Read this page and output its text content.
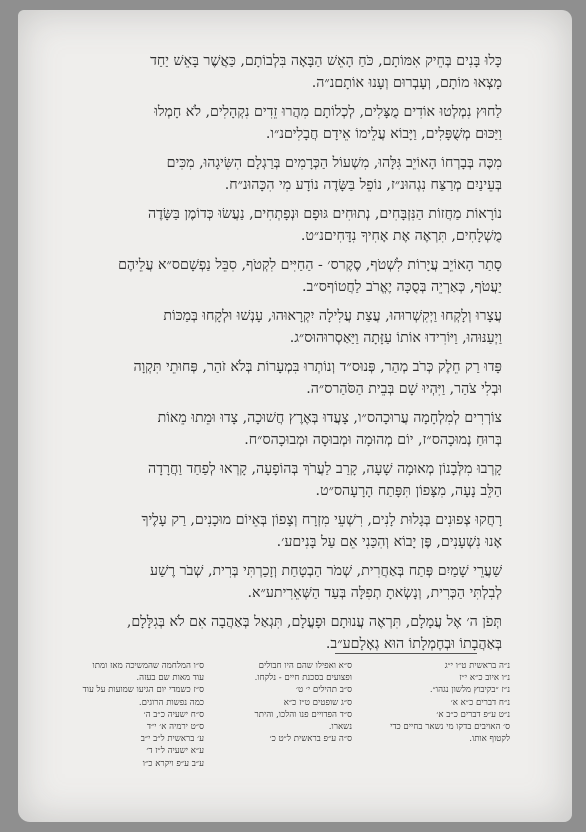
כָּלוּ בָּנִים בְּחֵיק אִמּוֹתָם, כֹּחַ הָאֵשׁ הַבָּאָה בִּלְבוֹתָם, כַּאֲשֶׁר בָּאֵשׁ יַחַד
מָצְאוּ מוֹתָם, וְעָבְרוּם וְעָנוּ אוֹתָםנ״ה.

לַחוּץ נִמְלְטוּ אוֹדִים מֻצָּלִים, לְכְלוֹתָם מִהֲרוּ זֵדִים נִקְהָלִים, לֹא חָמְלוּ
וַיַּכּוּם מְשֻׁפָּלִים, וַיָּבוֹא עֲלֵימוֹ אֵידָם חֲבָלִיםנ״ו.

מִכֶּה בְּבָרְחוֹ הָאוֹיֵב גִּלָּהוּ, מִשְׁעוֹל הַכְּרָמִים בְּרַגְלָם הִשִּׂיגָהוּ, מִכִּים
בְּעֵינַיִם מְרַצַּח נִגְהוּנ״ז, נוֹפֵל בַּשָּׂדֶה נוֹדָע מִי הִכָּהוּנ״ח.

נוֹרָאוֹת מַחֲזוֹת הַנִּזְבָּחִים, נְתוּחִים גּוּפָם וּנְפָתְחִים, נַעֲשׂוּ כְּדוֹמֶן בַּשָּׂדֶה
מֻשְׁלָחִים, תִּרְאֶה אֶת אָחִיךָ נִדָּחִיםנ״ט.

סָתַר הָאוֹיֵב עֲיָרוֹת לִשְׁטֹף, סֶקֶרס׳ - הַחַיִּים לִקְטֹף, סִבֵּל נַפְשָׁםס״א עֲלֵיהֶם
יַעֲטֹף, כְּאַרְיֵה בְּסֻכָּה יֶאֱרֹב לַחֲטוֹףס״ב.

עֲצָרוּ וְלָקְחוּ וַיְקִשְׁרוּהוּ, עֲצַת עֲלִילָה יִקְרָאוּהוּ, עָנְשׁוּ וּלְקָחוּ בְּמַכּוֹת
וַיְעַנּוּהוּ, וַיּוֹרִידוּ אוֹתוֹ עַזָּתָה וַיַּאַסְרוּהוּס״ג.

פָּדוּ רַק חֵלֶק כְּרֹב מְהַר, פְּנוּס״ד וְנוֹתְרוּ בִּמְעָרוֹת בְּלֹא זֹהַר, פְּחוּתֵי תִּקְוָה
וּבְלִי צֹהַר, וַיִּהְיוּ שָׁם בְּבֵית הַסֹּהַרס״ה.

צוֹרְרִים לְמִלְחָמָה עֲרוּכָהס״ו, צָעֲדוּ בְּאֶרֶץ חֲשׁוּכָה, צָדוּ וּמֵתוּ מֵאוֹת
בְּרוּחַ נְמוּכָהס״ז, יוֹם מְהוּמָה וּמְבוּסָה וּמְבוּכָהס״ח.

קָרְבוּ מִלְּבָנוֹן מְאוּמָה שָׁעָה, קָרַב לַעֲרֹךְ בְּהוֹפָעָה, קָרְאוּ לְפַחַד וַחֲרָדָה
הַלֵּב נָעָה, מִצָּפוֹן תִּפָּתַח הָרָעָהס״ט.

רָחֲקוּ צְפוּנִים בְּגָלוּת לָנִים, רִשְׁעֵי מִזְרָח וְצָפוֹן בְּאֵיוֹם מוּכָנִים, רַק עָלֶיךָ
אָנוּ נִשְׁעָנִים, פֶּן יָבוֹא וְהִכַּנִי אֵם עַל בָּנִיםע׳.

שַׁעֲרֵי שָׁמַיִם פְּתַח בְּאַחֲרִית, שְׁמֹר הַבְטָחַת וְזָכַרְתִּי בְּרִית, שְׁבֹר רֶשַׁע
לְבִלְתִּי הַכְּרִית, וְנָשְׂאתָ תְפִלָּה בְּעַד הַשְּׁאֵרִיתע״א.

תְּפֹן ה׳ אֶל עֲמָלָם, תִּרְאֶה עֲנוּתָם וּפָעֳלָם, תִּגְאַל בְּאַהֲבָה אִם לֹא בְּגִלָּלָם,
בְּאַהֲבָתוֹ וּבְחֶמְלָתוֹ הוּא גְאָלָםע״ב.

נ״ה בראשית ט״ו י״ג
נ״ו איוב כ״א י״ז
נ״ז ״בקיבוץ מלשון נגהו״.
נ״ח דברים כ״א א׳
נ״ט ע״פ דברים כ״ב א׳
ס׳ האויבים בדקו מי נשאר בחיים כדי לקטוף אותו.
ס״א ואפילו שהם היו חבולים ופצועים בסכנת חיים - נלקחו.
ס״ב תהילים י׳ ט׳
ס״ג שופטים ט״ז כ״א
ס״ד הפדויים פנו והלכו, והיתר נשארו.
ס״ה ע״פ בראשית ל״ט כ׳
ס״ו המלחמה שהמשיכה מאז ומתו עוד מאות שם בעזה.
ס״ז כשמדי יום הגיעו שמועות על עוד כמה נפשות הרוגים.
ס״ח ישעיה כ״ב ה׳
ס״ט ירמיה א׳ י״ד
ע׳ בראשית ל״ב י״ב
ע״א ישעיה ל״ז ד׳
ע״ב ע״פ ויקרא כ״ו
